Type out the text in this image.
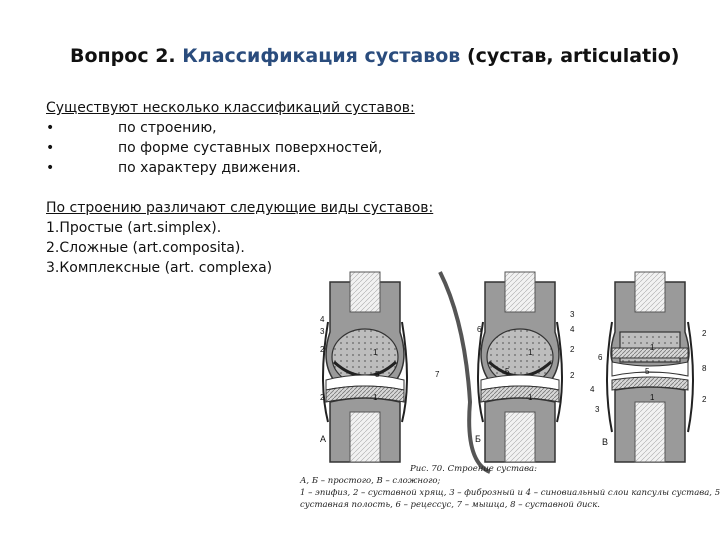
Вопрос 2. Классификация суставов (сустав, articulatio)
Существуют несколько классификаций суставов:
•	по строению,
•	по форме суставных поверхностей,
•	по характеру движения.
По строению различают следующие виды суставов:
1.Простые (art.simplex).
2.Сложные (art.composita).
3.Комплексные (art. complexa)
4
3
2	1
5
2	1
А
6
7
1
5
1
3
4
2
2
Б
2
6
1
5	8
2
1
4
3
В
Рис. 70. Строение сустава:
А, Б – простого, В – сложного;
1 – эпифиз, 2 – суставной хрящ, 3 – фиброзный и 4 – синовиальный слои капсулы сустава, 5
суставная полость, 6 – рецессус, 7 – мышца, 8 – суставной диск.
